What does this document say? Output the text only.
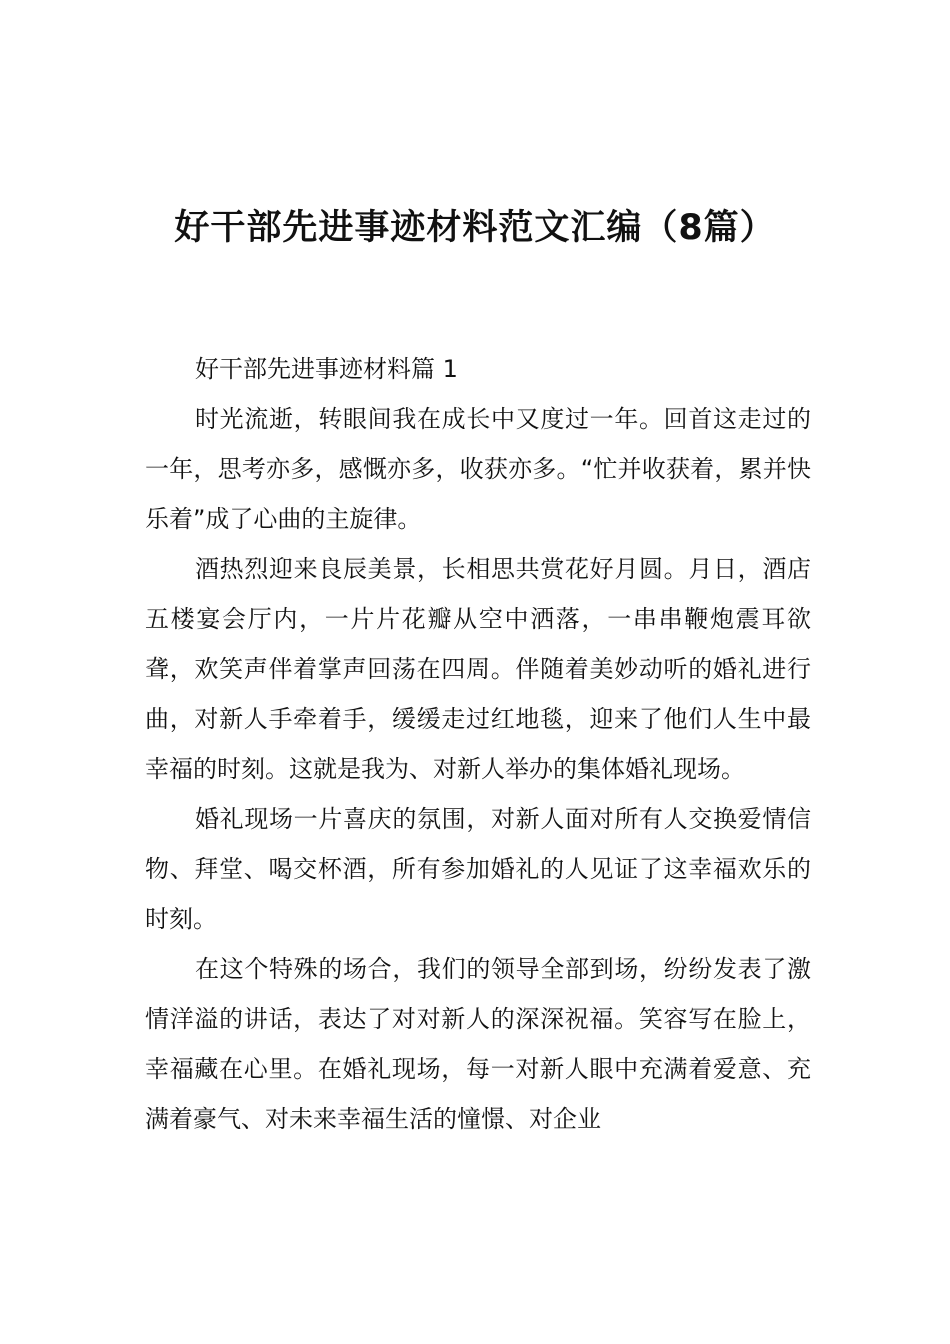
好干部先进事迹材料范文汇编（8篇）

好干部先进事迹材料篇 1

时光流逝，转眼间我在成长中又度过一年。回首这走过的一年，思考亦多，感慨亦多，收获亦多。“忙并收获着，累并快乐着”成了心曲的主旋律。

酒热烈迎来良辰美景，长相思共赏花好月圆。月日，酒店五楼宴会厅内，一片片花瓣从空中洒落，一串串鞭炮震耳欲聋，欢笑声伴着掌声回荡在四周。伴随着美妙动听的婚礼进行曲，对新人手牵着手，缓缓走过红地毯，迎来了他们人生中最幸福的时刻。这就是我为、对新人举办的集体婚礼现场。

婚礼现场一片喜庆的氛围，对新人面对所有人交换爱情信物、拜堂、喝交杯酒，所有参加婚礼的人见证了这幸福欢乐的时刻。

在这个特殊的场合，我们的领导全部到场，纷纷发表了激情洋溢的讲话，表达了对对新人的深深祝福。笑容写在脸上，幸福藏在心里。在婚礼现场，每一对新人眼中充满着爱意、充满着豪气、对未来幸福生活的憧憬、对企业
